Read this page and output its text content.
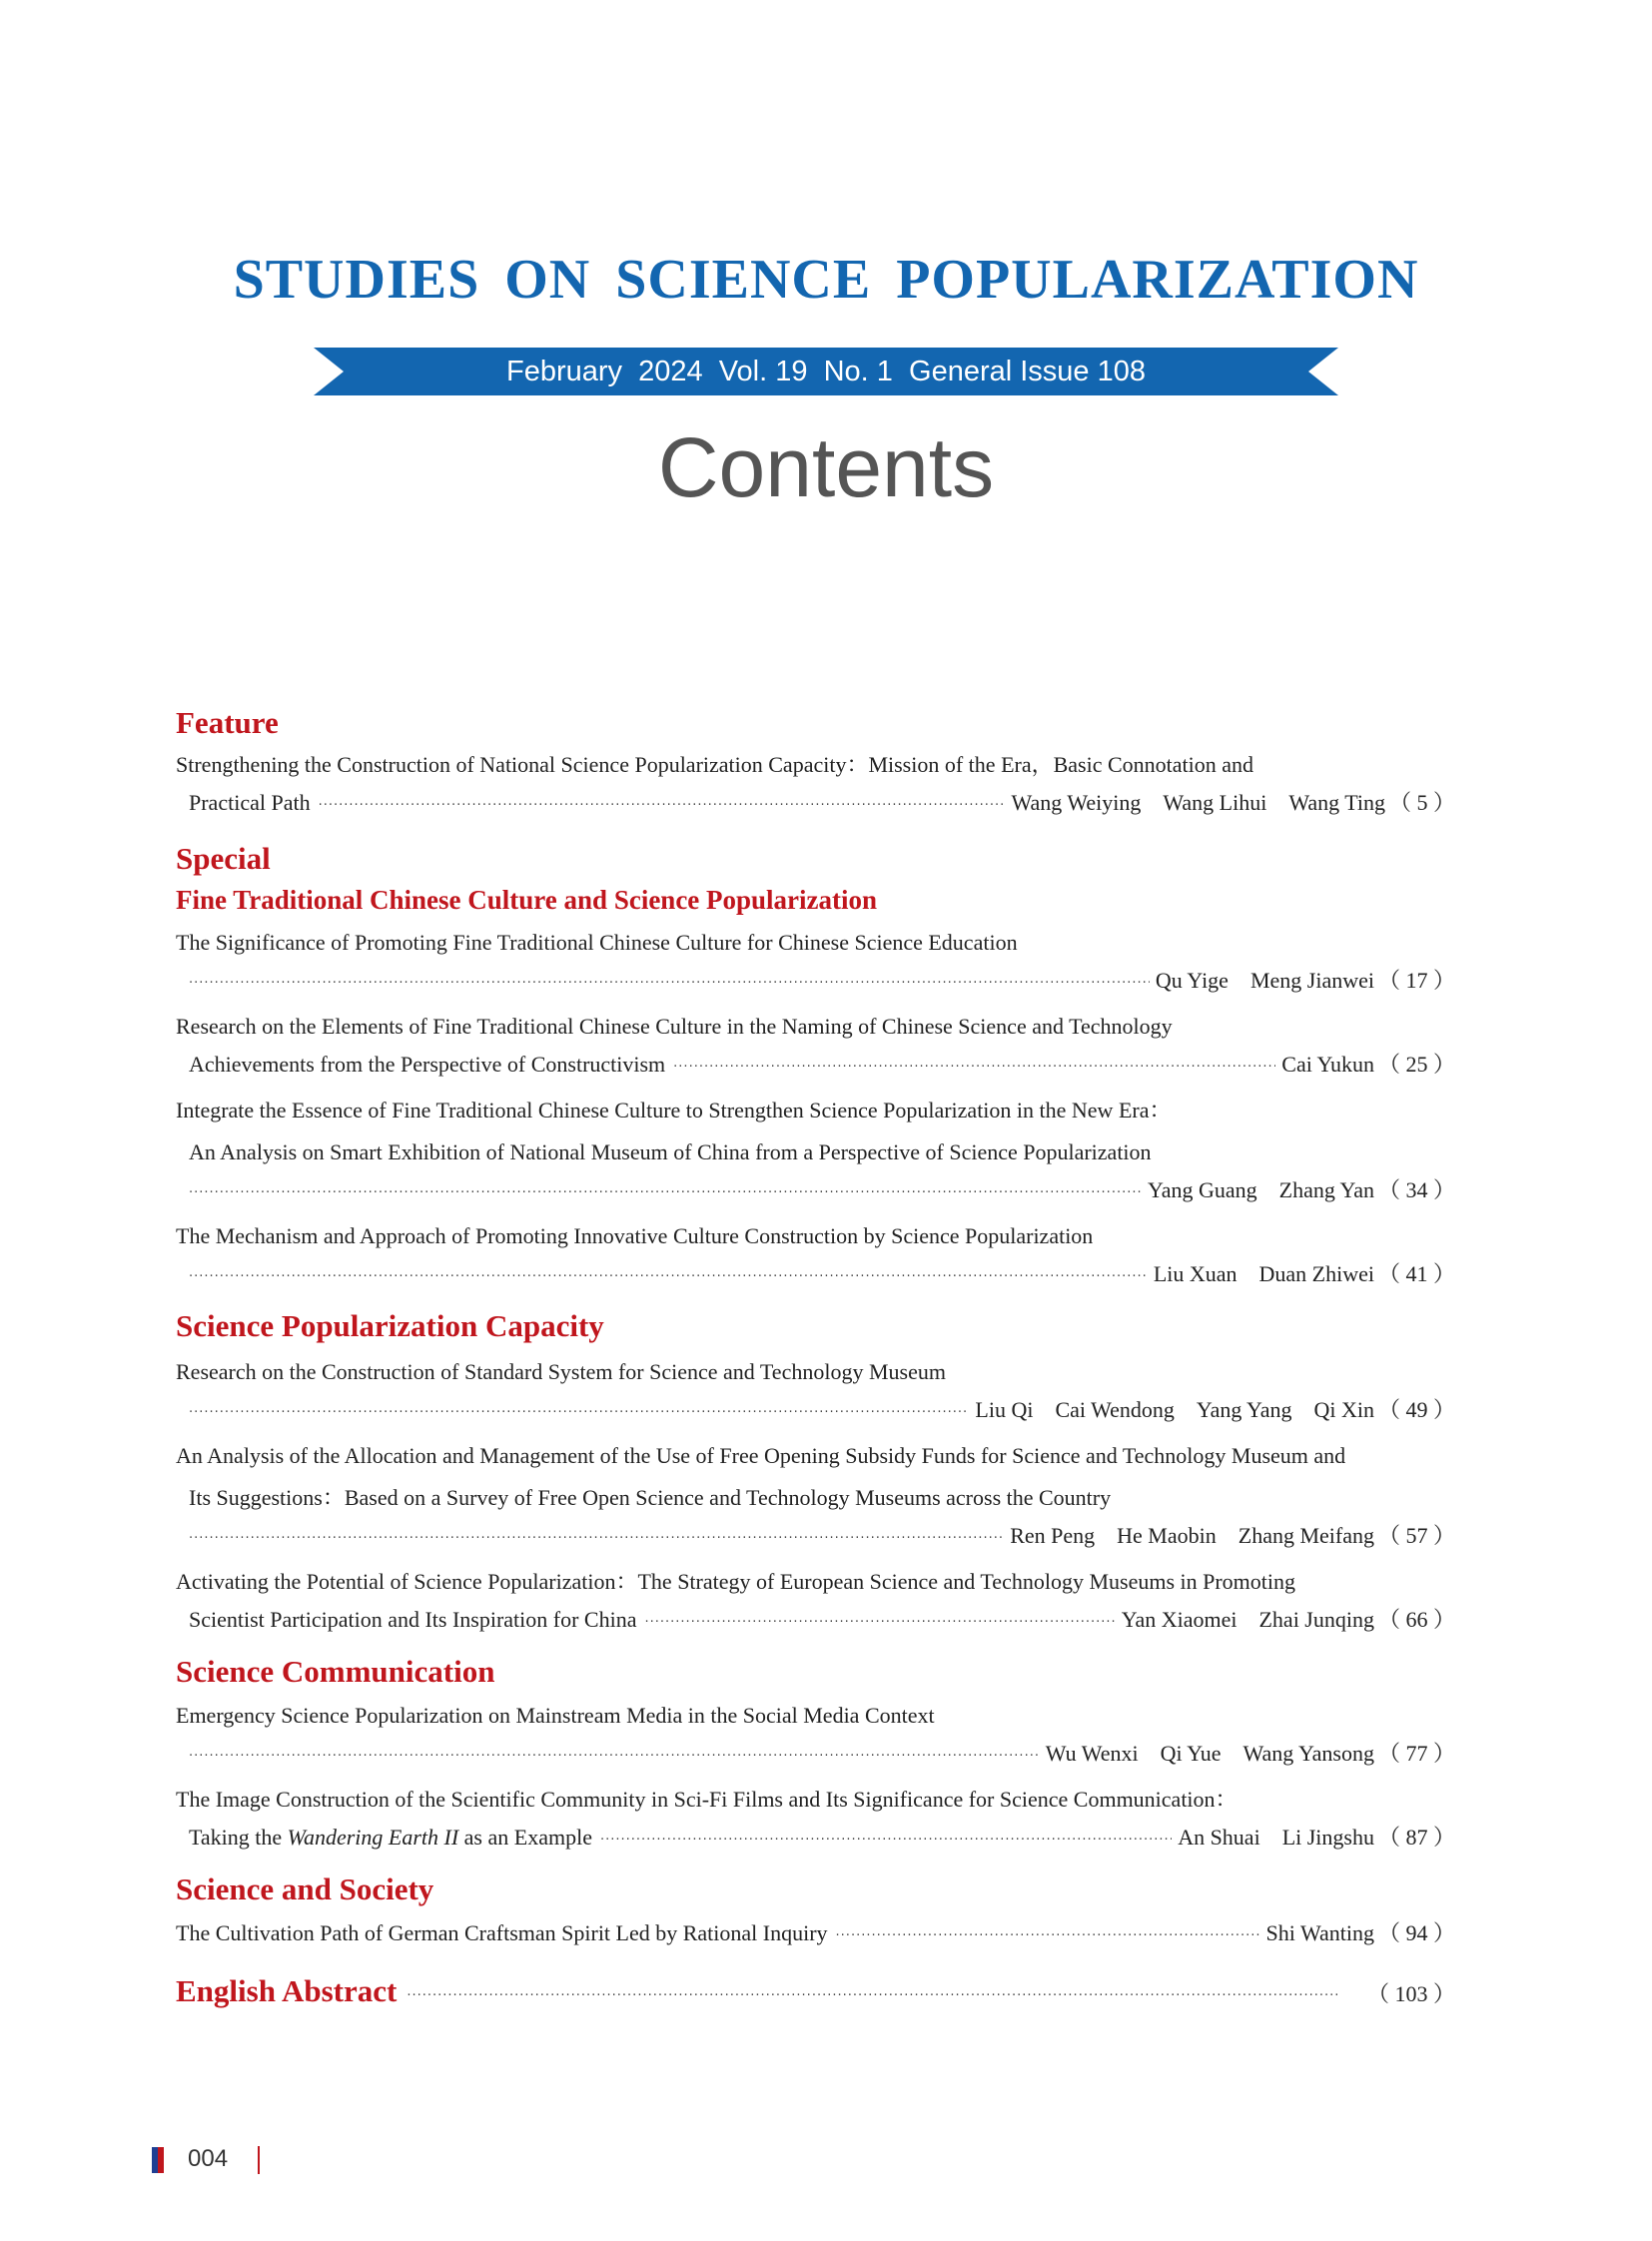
STUDIES ON SCIENCE POPULARIZATION
February  2024  Vol. 19  No. 1  General Issue 108
Contents
Feature
Strengthening the Construction of National Science Popularization Capacity：Mission of the Era，Basic Connotation and
Practical Path ·····	Wang Weiying Wang Lihui Wang Ting （ 5 ）
Special
Fine Traditional Chinese Culture and Science Popularization
The Significance of Promoting Fine Traditional Chinese Culture for Chinese Science Education
·····
Qu Yige Meng Jianwei （ 17 ）
Research on the Elements of Fine Traditional Chinese Culture in the Naming of Chinese Science and Technology
Achievements from the Perspective of Constructivism ·····	Cai Yukun （ 25 ）
Integrate the Essence of Fine Traditional Chinese Culture to Strengthen Science Popularization in the New Era：
An Analysis on Smart Exhibition of National Museum of China from a Perspective of Science Popularization
·····
Yang Guang Zhang Yan （ 34 ）
The Mechanism and Approach of Promoting Innovative Culture Construction by Science Popularization
·····
Liu Xuan Duan Zhiwei （ 41 ）
Science Popularization Capacity
Research on the Construction of Standard System for Science and Technology Museum
·····
Liu Qi Cai Wendong Yang Yang Qi Xin （ 49 ）
An Analysis of the Allocation and Management of the Use of Free Opening Subsidy Funds for Science and Technology Museum and
Its Suggestions：Based on a Survey of Free Open Science and Technology Museums across the Country
·····
Ren Peng He Maobin Zhang Meifang （ 57 ）
Activating the Potential of Science Popularization：The Strategy of European Science and Technology Museums in Promoting
Scientist Participation and Its Inspiration for China ·····	Yan Xiaomei Zhai Junqing （ 66 ）
Science Communication
Emergency Science Popularization on Mainstream Media in the Social Media Context
·····
Wu Wenxi Qi Yue Wang Yansong （ 77 ）
The Image Construction of the Scientific Community in Sci-Fi Films and Its Significance for Science Communication：
Taking the Wandering Earth II as an Example ·····	An Shuai Li Jingshu （ 87 ）
Science and Society
The Cultivation Path of German Craftsman Spirit Led by Rational Inquiry ·····	Shi Wanting （ 94 ）
English Abstract ·····	（ 103 ）
004
